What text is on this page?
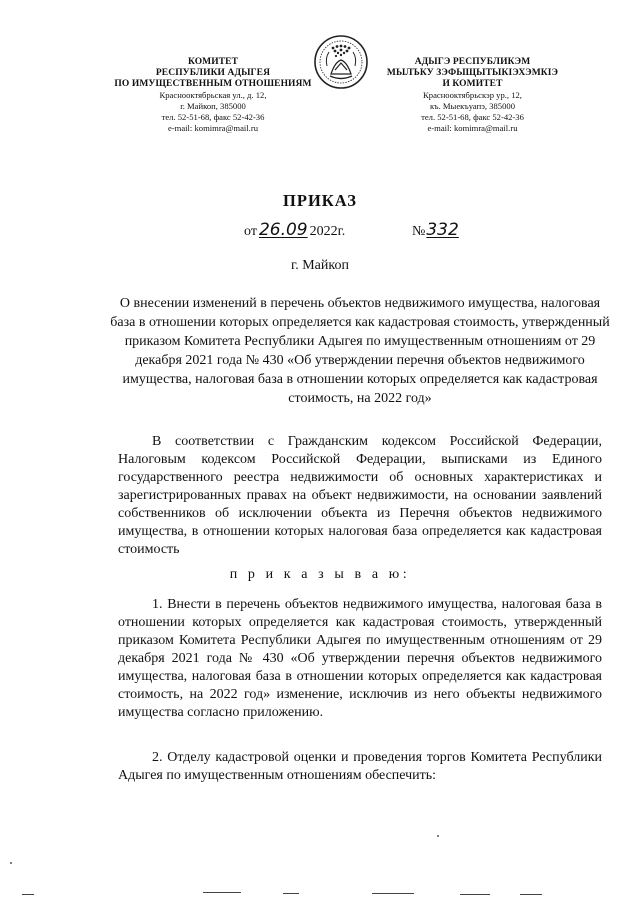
КОМИТЕТ
РЕСПУБЛИКИ АДЫГЕЯ
ПО ИМУЩЕСТВЕННЫМ ОТНОШЕНИЯМ
Краснооктябрьская ул., д. 12,
г. Майкоп, 385000
тел. 52-51-68, факс 52-42-36
e-mail: komimra@mail.ru
АДЫГЭ РЕСПУБЛИКЭМ
МЫЛЪКУ ЗЭФЫЩЫТЫКIЭХЭМКIЭ
И КОМИТЕТ
Краснооктябрьскэр ур., 12,
къ. Мыекъуапэ, 385000
тел. 52-51-68, факс 52-42-36
e-mail: komimra@mail.ru
ПРИКАЗ
от 26.09 2022г.	№332
г. Майкоп
О внесении изменений в перечень объектов недвижимого имущества, налоговая база в отношении которых определяется как кадастровая стоимость, утвержденный приказом Комитета Республики Адыгея по имущественным отношениям от 29 декабря 2021 года № 430 «Об утверждении перечня объектов недвижимого имущества, налоговая база в отношении которых определяется как кадастровая стоимость, на 2022 год»
В соответствии с Гражданским кодексом Российской Федерации, Налоговым кодексом Российской Федерации, выписками из Единого государственного реестра недвижимости об основных характеристиках и зарегистрированных правах на объект недвижимости, на основании заявлений собственников об исключении объекта из Перечня объектов недвижимого имущества, в отношении которых налоговая база определяется как кадастровая стоимость
п р и к а з ы в а ю:
1. Внести в перечень объектов недвижимого имущества, налоговая база в отношении которых определяется как кадастровая стоимость, утвержденный приказом Комитета Республики Адыгея по имущественным отношениям от 29 декабря 2021 года № 430 «Об утверждении перечня объектов недвижимого имущества, налоговая база в отношении которых определяется как кадастровая стоимость, на 2022 год» изменение, исключив из него объекты недвижимого имущества согласно приложению.
2. Отделу кадастровой оценки и проведения торгов Комитета Республики Адыгея по имущественным отношениям обеспечить:
